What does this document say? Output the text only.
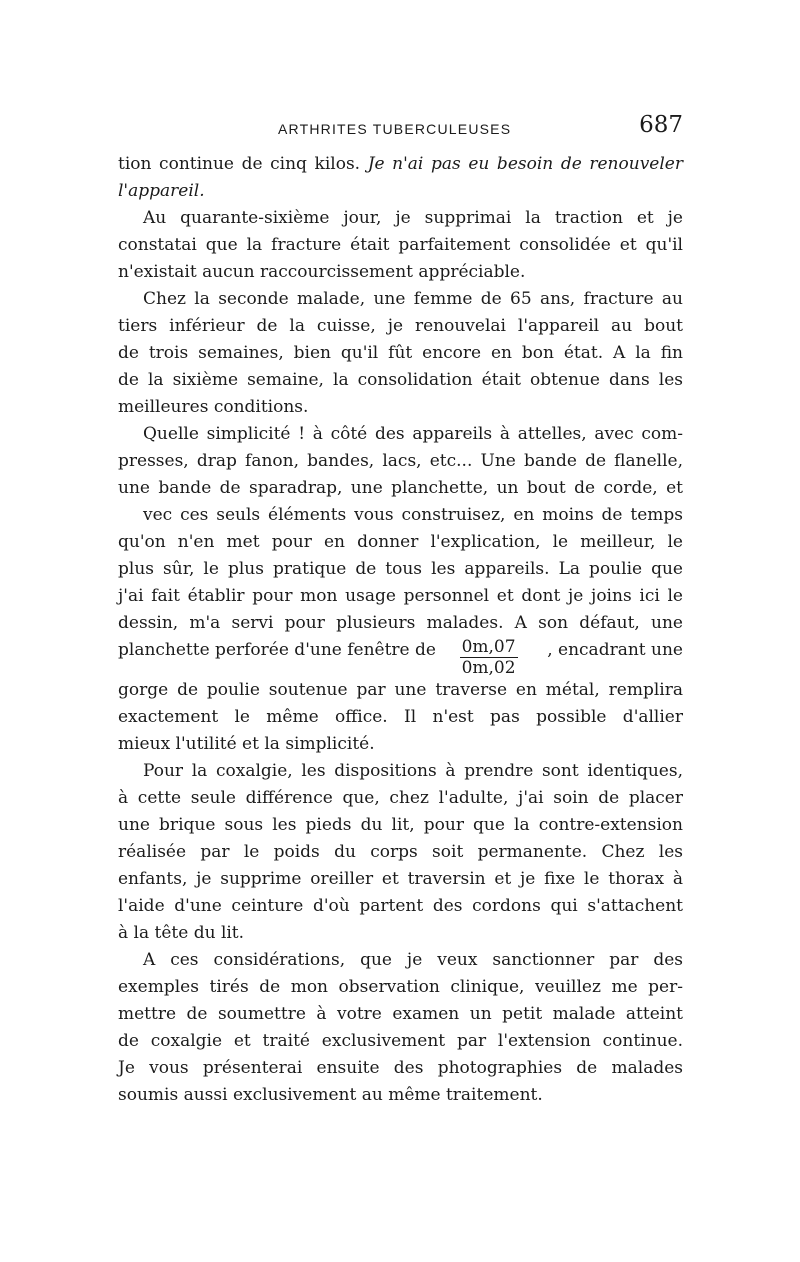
ARTHRITES TUBERCULEUSES	687

tion continue de cinq kilos. Je n'ai pas eu besoin de renouveler

l'appareil.

Au quarante-sixième jour, je supprimai la traction et je

constatai que la fracture était parfaitement consolidée et qu'il

n'existait aucun raccourcissement appréciable.

Chez la seconde malade, une femme de 65 ans, fracture au

tiers inférieur de la cuisse, je renouvelai l'appareil au bout

de trois semaines, bien qu'il fût encore en bon état. A la fin

de la sixième semaine, la consolidation était obtenue dans les

meilleures conditions.

Quelle simplicité ! à côté des appareils à attelles, avec com-

presses, drap fanon, bandes, lacs, etc... Une bande de flanelle,

une bande de sparadrap, une planchette, un bout de corde, et

vec ces seuls éléments vous construisez, en moins de temps

qu'on n'en met pour en donner l'explication, le meilleur, le

plus sûr, le plus pratique de tous les appareils. La poulie que

j'ai fait établir pour mon usage personnel et dont je joins ici le

dessin, m'a servi pour plusieurs malades. A son défaut, une

planchette perforée d'une fenêtre de $\frac{0m,07}{0m,02}$ , encadrant une

gorge de poulie soutenue par une traverse en métal, remplira

exactement le même office. Il n'est pas possible d'allier

mieux l'utilité et la simplicité.

Pour la coxalgie, les dispositions à prendre sont identiques,

à cette seule différence que, chez l'adulte, j'ai soin de placer

une brique sous les pieds du lit, pour que la contre-extension

réalisée par le poids du corps soit permanente. Chez les

enfants, je supprime oreiller et traversin et je fixe le thorax à

l'aide d'une ceinture d'où partent des cordons qui s'attachent

à la tête du lit.

A ces considérations, que je veux sanctionner par des

exemples tirés de mon observation clinique, veuillez me per-

mettre de soumettre à votre examen un petit malade atteint

de coxalgie et traité exclusivement par l'extension continue.

Je vous présenterai ensuite des photographies de malades

soumis aussi exclusivement au même traitement.
